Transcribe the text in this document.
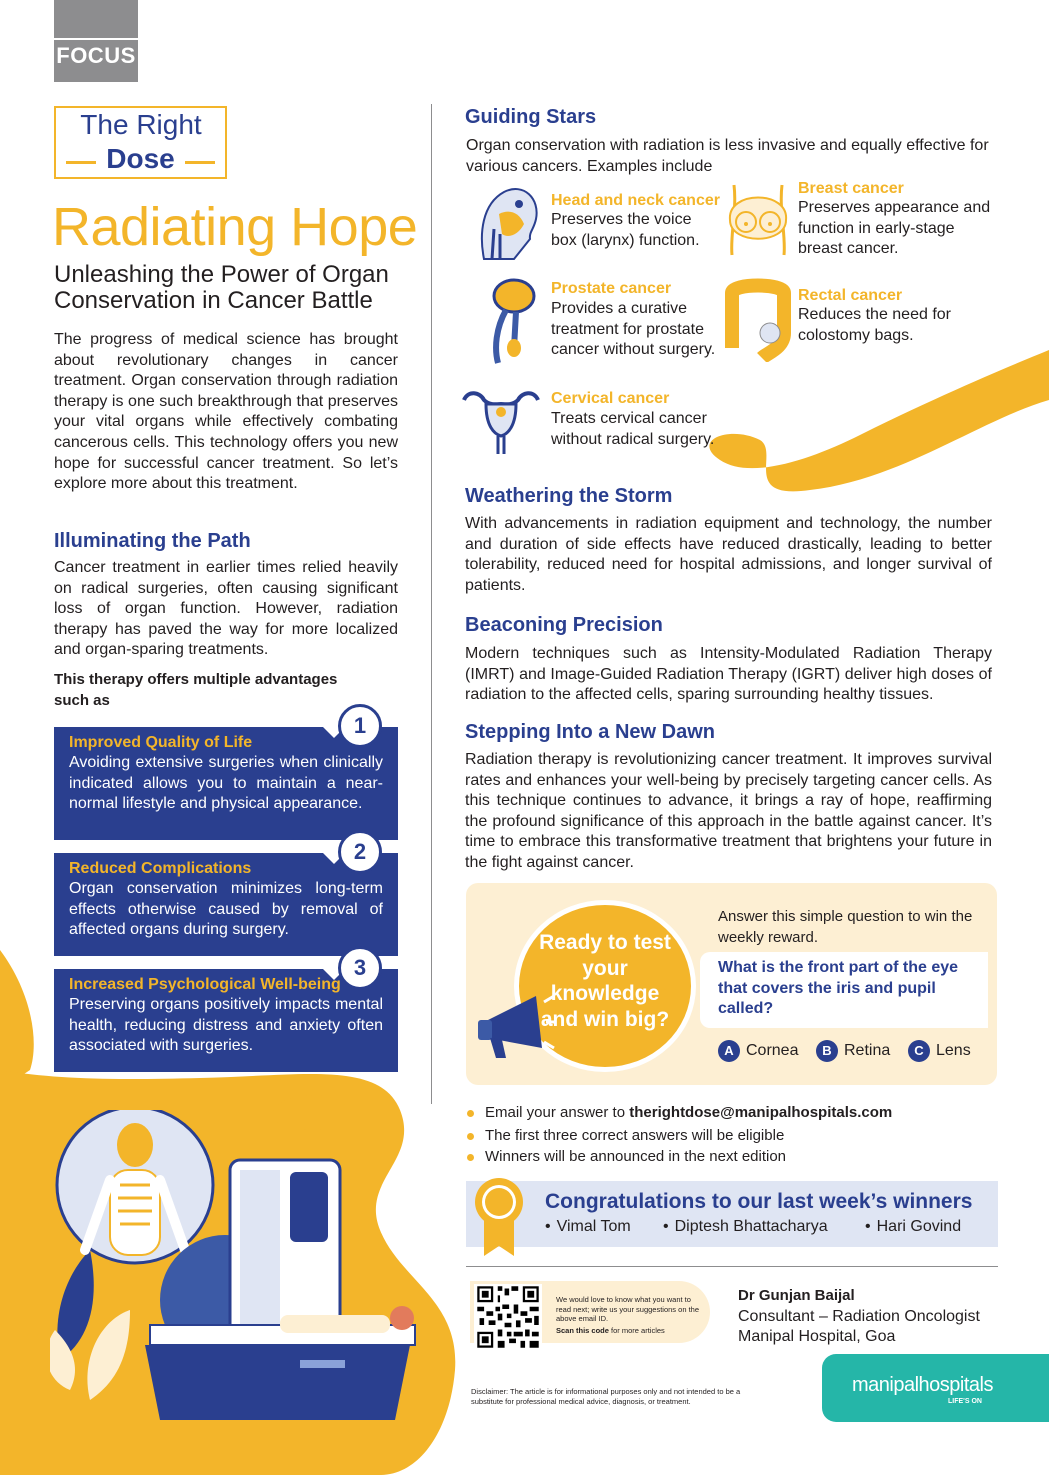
FOCUS
The Right
Dose
Radiating Hope
Unleashing the Power of Organ Conservation in Cancer Battle
The progress of medical science has brought about revolutionary changes in cancer treatment. Organ conservation through radiation therapy is one such breakthrough that preserves your vital organs while effectively combating cancerous cells. This technology offers you new hope for successful cancer treatment. So let’s explore more about this treatment.
Illuminating the Path
Cancer treatment in earlier times relied heavily on radical surgeries, often causing significant loss of organ function. However, radiation therapy has paved the way for more localized and organ-sparing treatments.
This therapy offers multiple advantages such as
Improved Quality of Life
Avoiding extensive surgeries when clinically indicated allows you to maintain a near-normal lifestyle and physical appearance.
1
Reduced Complications
Organ conservation minimizes long-term effects otherwise caused by removal of affected organs during surgery.
2
Increased Psychological Well-being
Preserving organs positively impacts mental health, reducing distress and anxiety often associated with surgeries.
3
Guiding Stars
Organ conservation with radiation is less invasive and equally effective for various cancers. Examples include
Head and neck cancer
Preserves the voice box (larynx) function.
Breast cancer
Preserves appearance and function in early-stage breast cancer.
Prostate cancer
Provides a curative treatment for prostate cancer without surgery.
Rectal cancer
Reduces the need for colostomy bags.
Cervical cancer
Treats cervical cancer without radical surgery.
Weathering the Storm
With advancements in radiation equipment and technology, the number and duration of side effects have reduced drastically, leading to better tolerability, reduced need for hospital admissions, and longer survival of patients.
Beaconing Precision
Modern techniques such as Intensity-Modulated Radiation Therapy (IMRT) and Image-Guided Radiation Therapy (IGRT) deliver high doses of radiation to the affected cells, sparing surrounding healthy tissues.
Stepping Into a New Dawn
Radiation therapy is revolutionizing cancer treatment. It improves survival rates and enhances your well-being by precisely targeting cancer cells. As this technique continues to advance, it brings a ray of hope, reaffirming the profound significance of this approach in the battle against cancer. It’s time to embrace this transformative treatment that brightens your future in the fight against cancer.
Ready to test your knowledge and win big?
Answer this simple question to win the weekly reward.
What is the front part of the eye that covers the iris and pupil called?
A Cornea	B Retina	C Lens
Email your answer to therightdose@manipalhospitals.com
The first three correct answers will be eligible
Winners will be announced in the next edition
Congratulations to our last week’s winners
• Vimal Tom • Diptesh Bhattacharya • Hari Govind
We would love to know what you want to read next; write us your suggestions on the above email ID.
Scan this code for more articles
Dr Gunjan Baijal
Consultant – Radiation Oncologist
Manipal Hospital, Goa
Disclaimer: The article is for informational purposes only and not intended to be a substitute for professional medical advice, diagnosis, or treatment.
manipalhospitals
LIFE'S ON
